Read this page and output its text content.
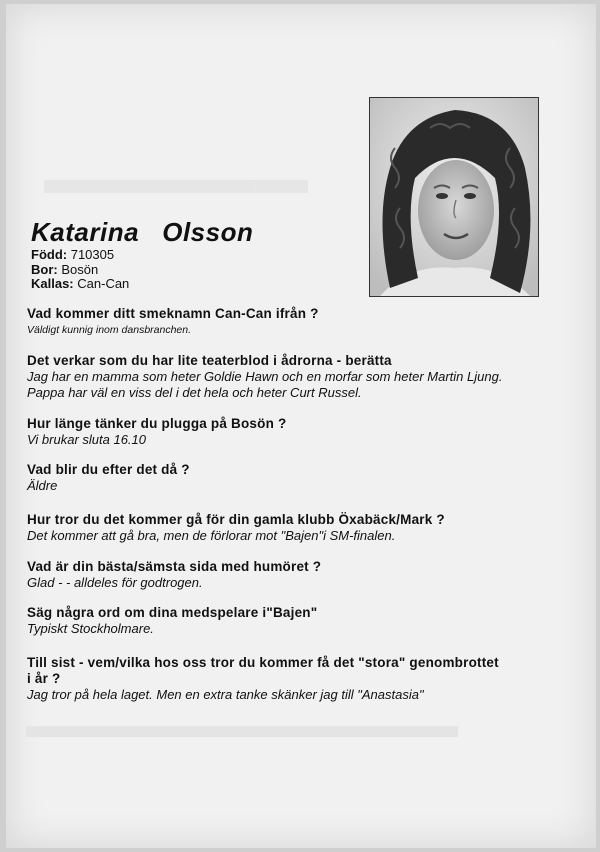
▬▬▬▬▬
▬▬▬▬▬▬▬▬▬▬▬▬
Katarina Olsson
Född: 710305
Bor: Bosön
Kallas: Can-Can
Vad kommer ditt smeknamn Can-Can ifrån ?
Väldigt kunnig inom dansbranchen.
Det verkar som du har lite teaterblod i ådrorna - berätta
Jag har en mamma som heter Goldie Hawn och en morfar som heter Martin Ljung.
Pappa har väl en viss del i det hela och heter Curt Russel.
Hur länge tänker du plugga på Bosön ?
Vi brukar sluta 16.10
Vad blir du efter det då ?
Äldre
Hur tror du det kommer gå för din gamla klubb Öxabäck/Mark ?
Det kommer att gå bra, men de förlorar mot "Bajen"i SM-finalen.
Vad är din bästa/sämsta sida med humöret ?
Glad - - alldeles för godtrogen.
Säg några ord om dina medspelare i"Bajen"
Typiskt Stockholmare.
Till sist - vem/vilka hos oss tror du kommer få det "stora" genombrottet
i år ?
Jag tror på hela laget. Men en extra tanke skänker jag till "Anastasia"
